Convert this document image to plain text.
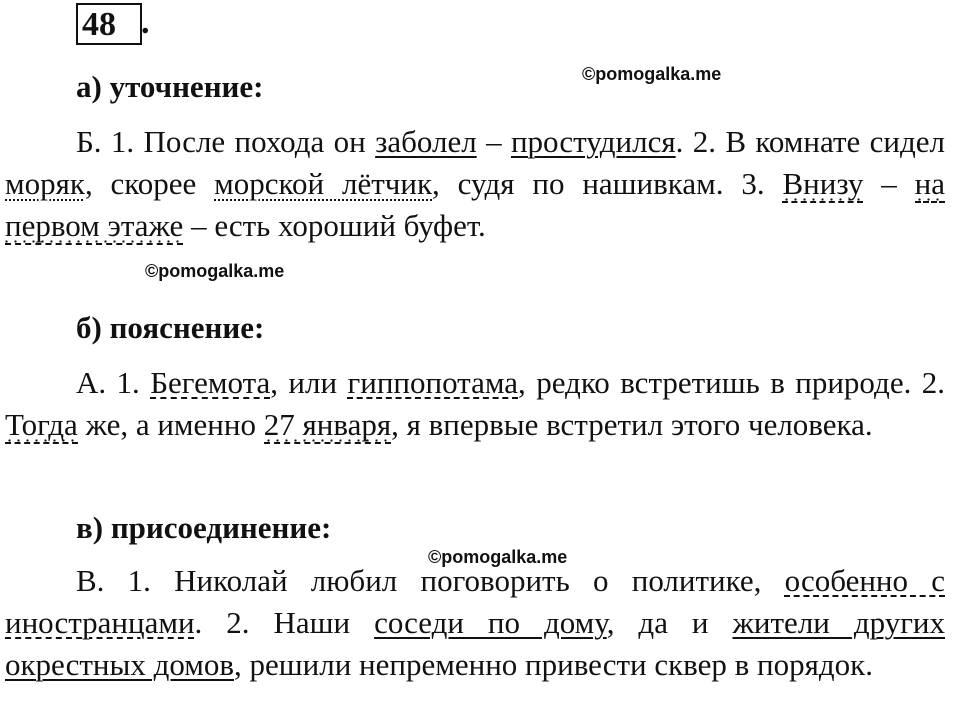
48 .
©pomogalka.me
©pomogalka.me
©pomogalka.me
а) уточнение:
Б. 1. После похода он заболел – простудился. 2. В комнате сидел моряк, скорее морской лётчик, судя по нашивкам. 3. Внизу – на первом этаже – есть хороший буфет.
б) пояснение:
А. 1. Бегемота, или гиппопотама, редко встретишь в природе. 2. Тогда же, а именно 27 января, я впервые встретил этого человека.
в) присоединение:
В. 1. Николай любил поговорить о политике, особенно с иностранцами. 2. Наши соседи по дому, да и жители других окрестных домов, решили непременно привести сквер в порядок.
